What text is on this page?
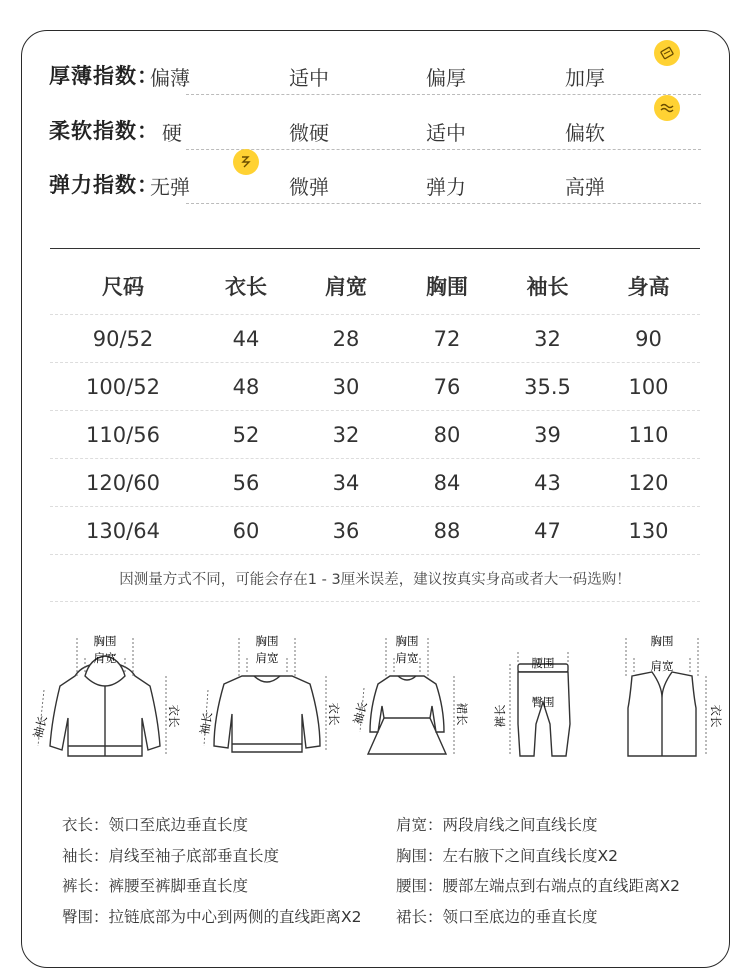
厚薄指数：
偏薄	适中	偏厚	加厚
柔软指数： 硬	微硬	适中	偏软
弹力指数：
无弹	微弹	弹力	高弹
尺码	衣长	肩宽	胸围	袖长	身高
90/52	44	28	72	32	90
100/52	48	30	76	35.5	100
110/56	52	32	80	39	110
120/60	56	34	84	43	120
130/64	60	36	88	47	130
因测量方式不同，可能会存在1 - 3厘米误差，建议按真实身高或者大一码选购！
胸围
肩宽
袖长	衣长
胸围
肩宽
袖长	衣长
胸围
肩宽
袖长	裙长
腰围
臀围
裤长
胸围
肩宽
衣长
衣长：领口至底边垂直长度	肩宽：两段肩线之间直线长度
袖长：肩线至袖子底部垂直长度	胸围：左右腋下之间直线长度X2
裤长：裤腰至裤脚垂直长度	腰围：腰部左端点到右端点的直线距离X2
臀围：拉链底部为中心到两侧的直线距离X2 裙长：领口至底边的垂直长度
